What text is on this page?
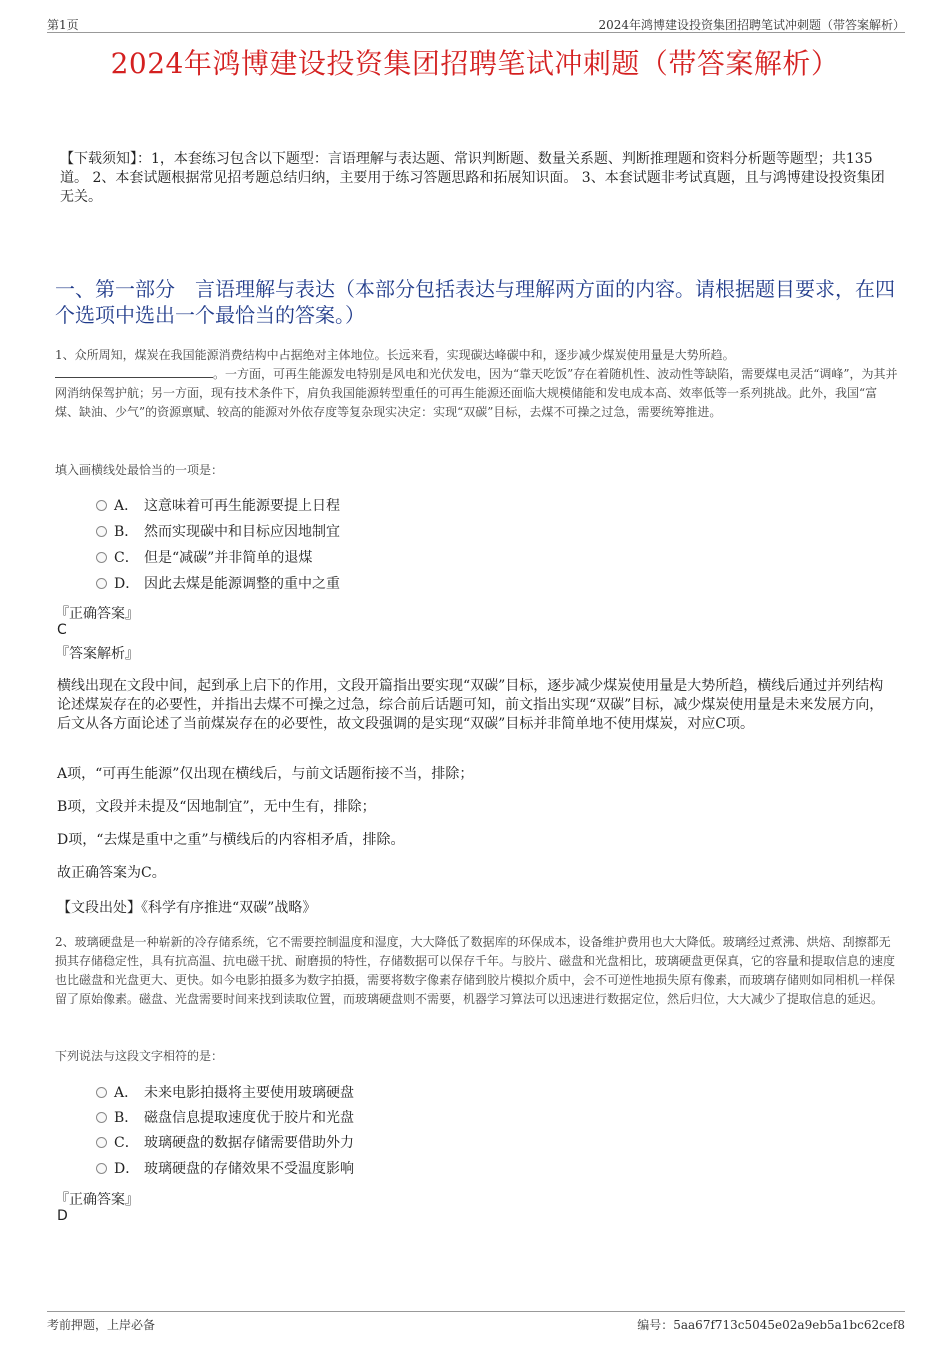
第1页	2024年鸿博建设投资集团招聘笔试冲刺题（带答案解析）
2024年鸿博建设投资集团招聘笔试冲刺题（带答案解析）
【下载须知】：1，本套练习包含以下题型：言语理解与表达题、常识判断题、数量关系题、判断推理题和资料分析题等题型；共135道。 2、本套试题根据常见招考题总结归纳，主要用于练习答题思路和拓展知识面。 3、本套试题非考试真题，且与鸿博建设投资集团无关。
一、第一部分　言语理解与表达（本部分包括表达与理解两方面的内容。请根据题目要求，在四个选项中选出一个最恰当的答案。）
1、众所周知，煤炭在我国能源消费结构中占据绝对主体地位。长远来看，实现碳达峰碳中和，逐步减少煤炭使用量是大势所趋。
。一方面，可再生能源发电特别是风电和光伏发电，因为“靠天吃饭”存在着随机性、波动性等缺陷，需要煤电灵活“调峰”，为其并网消纳保驾护航；另一方面，现有技术条件下，肩负我国能源转型重任的可再生能源还面临大规模储能和发电成本高、效率低等一系列挑战。此外，我国“富煤、缺油、少气”的资源禀赋、较高的能源对外依存度等复杂现实决定：实现“双碳”目标，去煤不可操之过急，需要统筹推进。
填入画横线处最恰当的一项是：
A． 这意味着可再生能源要提上日程
B． 然而实现碳中和目标应因地制宜
C． 但是“减碳”并非简单的退煤
D． 因此去煤是能源调整的重中之重
『正确答案』
C
『答案解析』
横线出现在文段中间，起到承上启下的作用，文段开篇指出要实现“双碳”目标，逐步减少煤炭使用量是大势所趋，横线后通过并列结构论述煤炭存在的必要性，并指出去煤不可操之过急，综合前后话题可知，前文指出实现“双碳”目标，减少煤炭使用量是未来发展方向，后文从各方面论述了当前煤炭存在的必要性，故文段强调的是实现“双碳”目标并非简单地不使用煤炭，对应C项。
A项，“可再生能源”仅出现在横线后，与前文话题衔接不当，排除；
B项，文段并未提及“因地制宜”，无中生有，排除；
D项，“去煤是重中之重”与横线后的内容相矛盾，排除。
故正确答案为C。
【文段出处】《科学有序推进“双碳”战略》
2、玻璃硬盘是一种崭新的冷存储系统，它不需要控制温度和湿度，大大降低了数据库的环保成本，设备维护费用也大大降低。玻璃经过煮沸、烘焙、刮擦都无损其存储稳定性，具有抗高温、抗电磁干扰、耐磨损的特性，存储数据可以保存千年。与胶片、磁盘和光盘相比，玻璃硬盘更保真，它的容量和提取信息的速度也比磁盘和光盘更大、更快。如今电影拍摄多为数字拍摄，需要将数字像素存储到胶片模拟介质中，会不可逆性地损失原有像素，而玻璃存储则如同相机一样保留了原始像素。磁盘、光盘需要时间来找到读取位置，而玻璃硬盘则不需要，机器学习算法可以迅速进行数据定位，然后归位，大大减少了提取信息的延迟。
下列说法与这段文字相符的是：
A． 未来电影拍摄将主要使用玻璃硬盘
B． 磁盘信息提取速度优于胶片和光盘
C． 玻璃硬盘的数据存储需要借助外力
D． 玻璃硬盘的存储效果不受温度影响
『正确答案』
D
考前押题，上岸必备	编号：5aa67f713c5045e02a9eb5a1bc62cef8
